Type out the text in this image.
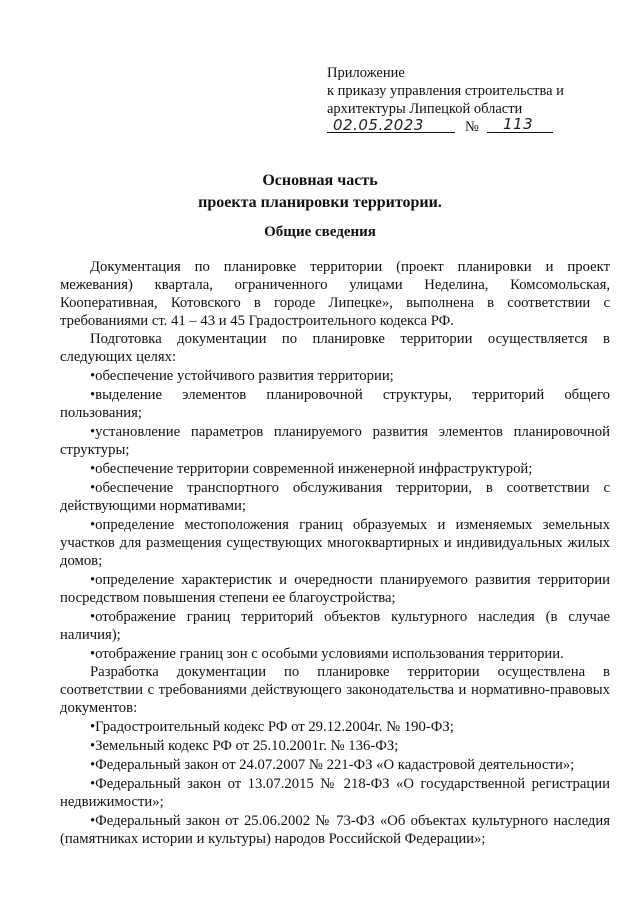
Приложение
к приказу управления строительства и
архитектуры Липецкой области
02.05.2023	№ 113
Основная часть
проекта планировки территории.
Общие сведения

Документация по планировке территории (проект планировки и проект межевания) квартала, ограниченного улицами Неделина, Комсомольская, Кооперативная, Котовского в городе Липецке», выполнена в соответствии с требованиями ст. 41 – 43 и 45 Градостроительного кодекса РФ.

Подготовка документации по планировке территории осуществляется в следующих целях:

•обеспечение устойчивого развития территории;

•выделение элементов планировочной структуры, территорий общего пользования;

•установление параметров планируемого развития элементов планировочной структуры;

•обеспечение территории современной инженерной инфраструктурой;

•обеспечение транспортного обслуживания территории, в соответствии с действующими нормативами;

•определение местоположения границ образуемых и изменяемых земельных участков для размещения существующих многоквартирных и индивидуальных жилых домов;

•определение характеристик и очередности планируемого развития территории посредством повышения степени ее благоустройства;

•отображение границ территорий объектов культурного наследия (в случае наличия);

•отображение границ зон с особыми условиями использования территории.

Разработка документации по планировке территории осуществлена в соответствии с требованиями действующего законодательства и нормативно-правовых документов:

•Градостроительный кодекс РФ от 29.12.2004г. № 190-ФЗ;

•Земельный кодекс РФ от 25.10.2001г. № 136-ФЗ;

•Федеральный закон от 24.07.2007 № 221-ФЗ «О кадастровой деятельности»;

•Федеральный закон от 13.07.2015 № 218-ФЗ «О государственной регистрации недвижимости»;

•Федеральный закон от 25.06.2002 № 73-ФЗ «Об объектах культурного наследия (памятниках истории и культуры) народов Российской Федерации»;
